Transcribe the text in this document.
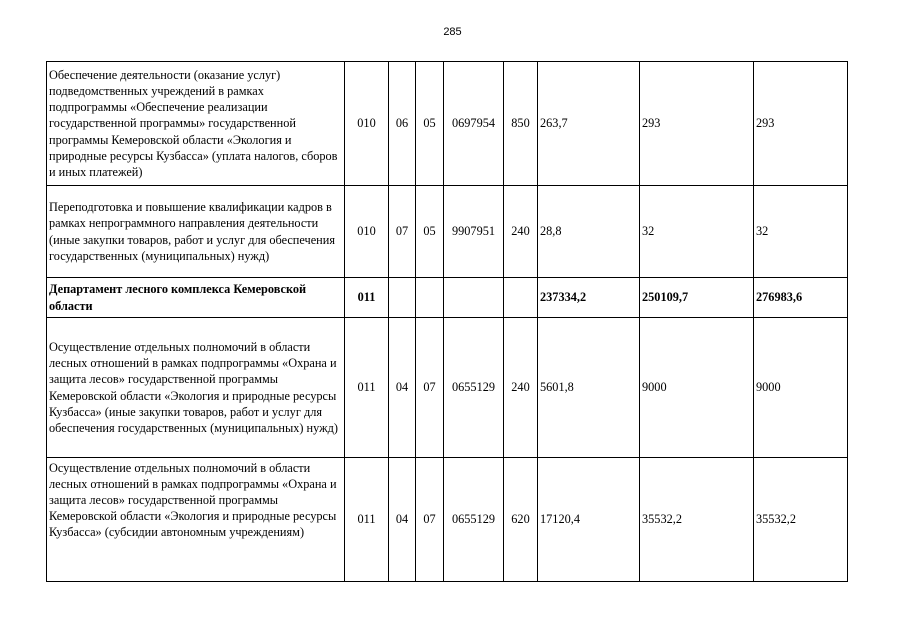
285
Обеспечение деятельности (оказание услуг) подведомственных учреждений в рамках подпрограммы «Обеспечение реализации государственной программы» государственной программы Кемеровской области «Экология и природные ресурсы Кузбасса» (уплата налогов, сборов и иных платежей)	010	06	05	0697954	850	263,7	293	293
Переподготовка и повышение квалификации кадров в рамках непрограммного направления деятельности (иные закупки товаров, работ и услуг для обеспечения государственных (муниципальных) нужд)	010	07	05	9907951	240	28,8	32	32
Департамент лесного комплекса Кемеровской области	011					237334,2	250109,7	276983,6
Осуществление отдельных полномочий в области лесных отношений в рамках подпрограммы «Охрана и защита лесов» государственной программы Кемеровской области «Экология и природные ресурсы Кузбасса» (иные закупки товаров, работ и услуг для обеспечения государственных (муниципальных) нужд)	011	04	07	0655129	240	5601,8	9000	9000
Осуществление отдельных полномочий в области лесных отношений в рамках подпрограммы «Охрана и защита лесов» государственной программы Кемеровской области «Экология и природные ресурсы Кузбасса» (субсидии автономным учреждениям)	011	04	07	0655129	620	17120,4	35532,2	35532,2
